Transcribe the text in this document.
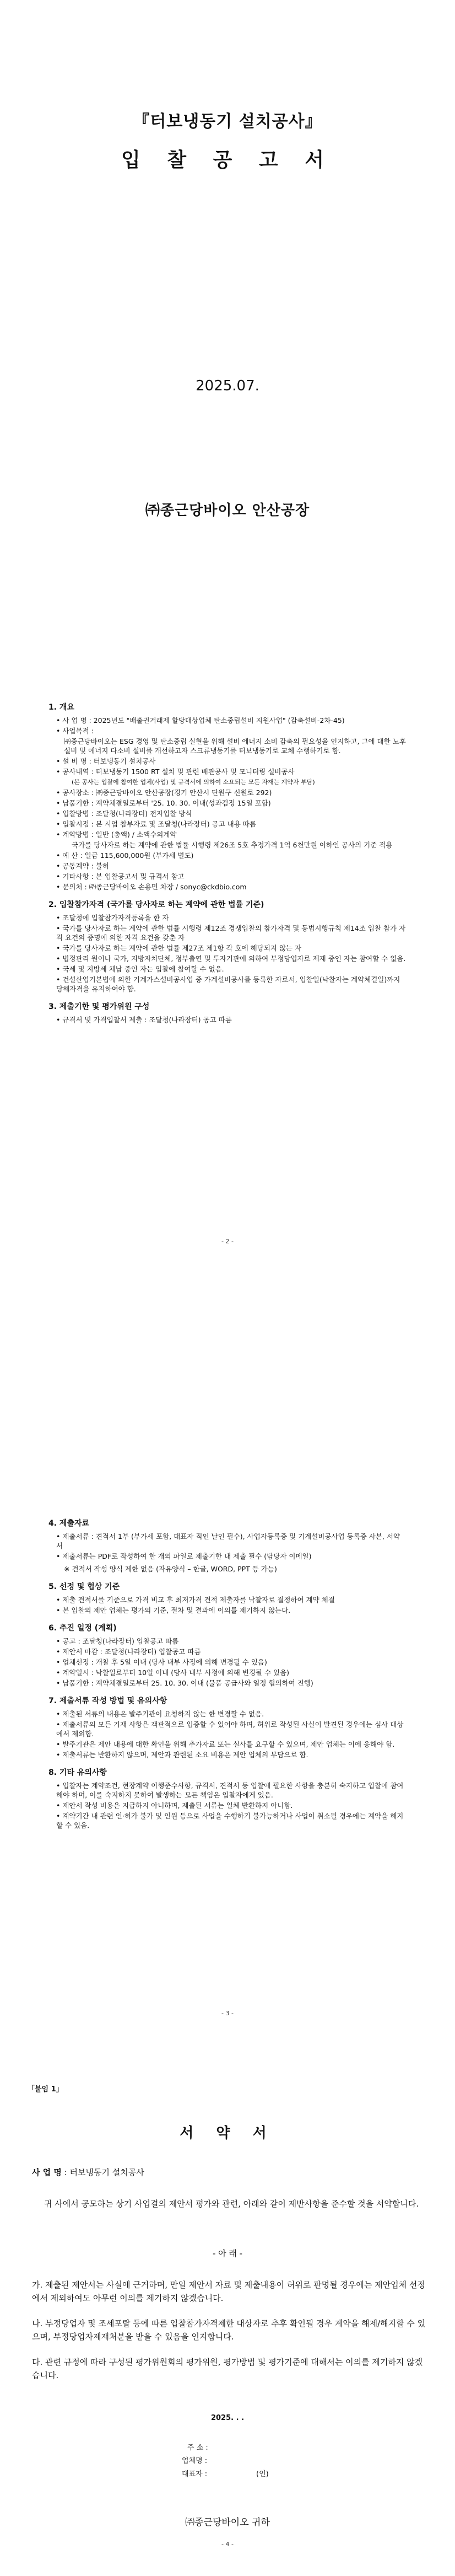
『터보냉동기 설치공사』
입 찰 공 고 서
2025.07.
㈜종근당바이오 안산공장
1. 개요
• 사 업 명 : 2025년도 "배출권거래제 할당대상업체 탄소중립설비 지원사업" (감축설비-2차-45)
• 사업목적 :
㈜종근당바이오는 ESG 경영 및 탄소중립 실현을 위해 설비 에너지 소비 감축의 필요성을 인지하고, 그에 대한 노후 설비 및 에너지 다소비 설비를 개선하고자 스크류냉동기를 터보냉동기로 교체 수행하기로 함.
• 설 비 명 : 터보냉동기 설치공사
• 공사내역 : 터보냉동기 1500 RT 설치 및 관련 배관공사 및 모니터링 설비공사
(본 공사는 입찰에 참여한 업체(사업) 및 규격서에 의하여 소요되는 모든 자재는 계약자 부담)
• 공사장소 : ㈜종근당바이오 안산공장(경기 안산시 단원구 신원로 292)
• 납품기한 : 계약체결일로부터 '25. 10. 30. 이내(성과검정 15일 포함)
• 입찰방법 : 조달청(나라장터) 전자입찰 방식
• 입찰시점 : 본 시업 참부자료 및 조달청(나라장터) 공고 내용 따름
• 계약방법 : 일반 (총액) / 소액수의계약
국가를 당사자로 하는 계약에 관한 법률 시행령 제26조 5호 추정가격 1억 6천만원 이하인 공사의 기준 적용
• 예 산 : 일금 115,600,000원 (부가세 별도)
• 공동계약 : 불허
• 기타사항 : 본 입찰공고서 및 규격서 참고
• 문의처 : ㈜종근당바이오 손용민 차장 / sonyc@ckdbio.com
2. 입찰참가자격 (국가를 당사자로 하는 계약에 관한 법률 기준)
• 조달청에 입찰참가자격등록을 한 자
• 국가를 당사자로 하는 계약에 관한 법률 시행령 제12조 경쟁입찰의 참가자격 및 동법시행규칙 제14조 입찰 참가 자격 요건의 증명에 의한 자격 요건을 갖춘 자
• 국가를 당사자로 하는 계약에 관한 법률 제27조 제1항 각 호에 해당되지 않는 자
• 법정관리 원이나 국가, 지방자치단체, 정부출연 및 투자기관에 의하여 부정당업자로 제재 중인 자는 참여할 수 없음.
• 국세 및 지방세 체납 중인 자는 입찰에 참여할 수 없음.
• 건설산업기본법에 의한 기계가스설비공사업 중 가계설비공사를 등록한 자로서, 입찰일(낙찰자는 계약체결일)까지 당해자격을 유지하여야 함.
3. 제출기한 및 평가위원 구성
• 규격서 및 가격입찰서 제출 : 조달청(나라장터) 공고 따름
- 2 -
4. 제출자료
• 제출서류 : 견적서 1부 (부가세 포함, 대표자 직인 날인 필수), 사업자등록증 및 기계설비공사업 등록증 사본, 서약서
• 제출서류는 PDF로 작성하여 한 개의 파일로 제출기한 내 제출 필수 (담당자 이메일)
※ 견적서 작성 양식 제한 없음 (자유양식 – 한글, WORD, PPT 등 가능)
5. 선정 및 협상 기준
• 제출 견적서를 기준으로 가격 비교 후 최저가격 견적 제출자를 낙찰자로 결정하여 계약 체결
• 본 입찰의 제안 업체는 평가의 기준, 절차 및 결과에 이의를 제기하지 않는다.
6. 추진 일정 (계획)
• 공고 : 조달청(나라장터) 입찰공고 따름
• 제안서 마감 : 조달청(나라장터) 입찰공고 따름
• 업체선정 : 개찰 후 5일 이내 (당사 내부 사정에 의해 변경될 수 있음)
• 계약일시 : 낙찰일로부터 10일 이내 (당사 내부 사정에 의해 변경될 수 있음)
• 납품기한 : 계약체결일로부터 25. 10. 30. 이내 (물품 공급사와 일정 협의하여 진행)
7. 제출서류 작성 방법 및 유의사항
• 제출된 서류의 내용은 발주기관이 요청하지 않는 한 변경할 수 없음.
• 제출서류의 모든 기재 사항은 객관적으로 입증할 수 있어야 하며, 허위로 작성된 사실이 발견된 경우에는 심사 대상에서 제외함.
• 발주기관은 제안 내용에 대한 확인을 위해 추가자료 또는 실사를 요구할 수 있으며, 제안 업체는 이에 응해야 함.
• 제출서류는 반환하지 않으며, 제안과 관련된 소요 비용은 제안 업체의 부담으로 함.
8. 기타 유의사항
• 입찰자는 계약조건, 현장계약 이행준수사항, 규격서, 견적서 등 입찰에 필요한 사항을 충분히 숙지하고 입찰에 참여해야 하며, 이를 숙지하지 못하여 발생하는 모든 책임은 입찰자에게 있음.
• 제안서 작성 비용은 지급하지 아니하며, 제출된 서류는 일체 반환하지 아니함.
• 계약기간 내 관련 인·허가 불가 및 인원 등으로 사업을 수행하기 불가능하거나 사업이 취소될 경우에는 계약을 해지할 수 있음.
- 3 -
「붙임 1」
서 약 서
사 업 명 : 터보냉동기 설치공사
귀 사에서 공모하는 상기 사업결의 제안서 평가와 관련, 아래와 같이 제반사항을 준수할 것을 서약합니다.
- 아 래 -
가. 제출된 제안서는 사실에 근거하며, 만일 제안서 자료 및 제출내용이 허위로 판명될 경우에는 제안업체 선정에서 제외하여도 아무런 이의를 제기하지 않겠습니다.
나. 부정당업자 및 조세포탈 등에 따른 입찰참가자격제한 대상자로 추후 확인될 경우 계약을 해제/해지할 수 있으며, 부정당업자제재처분을 받을 수 있음을 인지합니다.
다. 관련 규정에 따라 구성된 평가위원회의 평가위원, 평가방법 및 평가기준에 대해서는 이의를 제기하지 않겠습니다.
2025. . .
주 소 :
업체명 :
대표자 :	(인)
㈜종근당바이오 귀하
- 4 -
